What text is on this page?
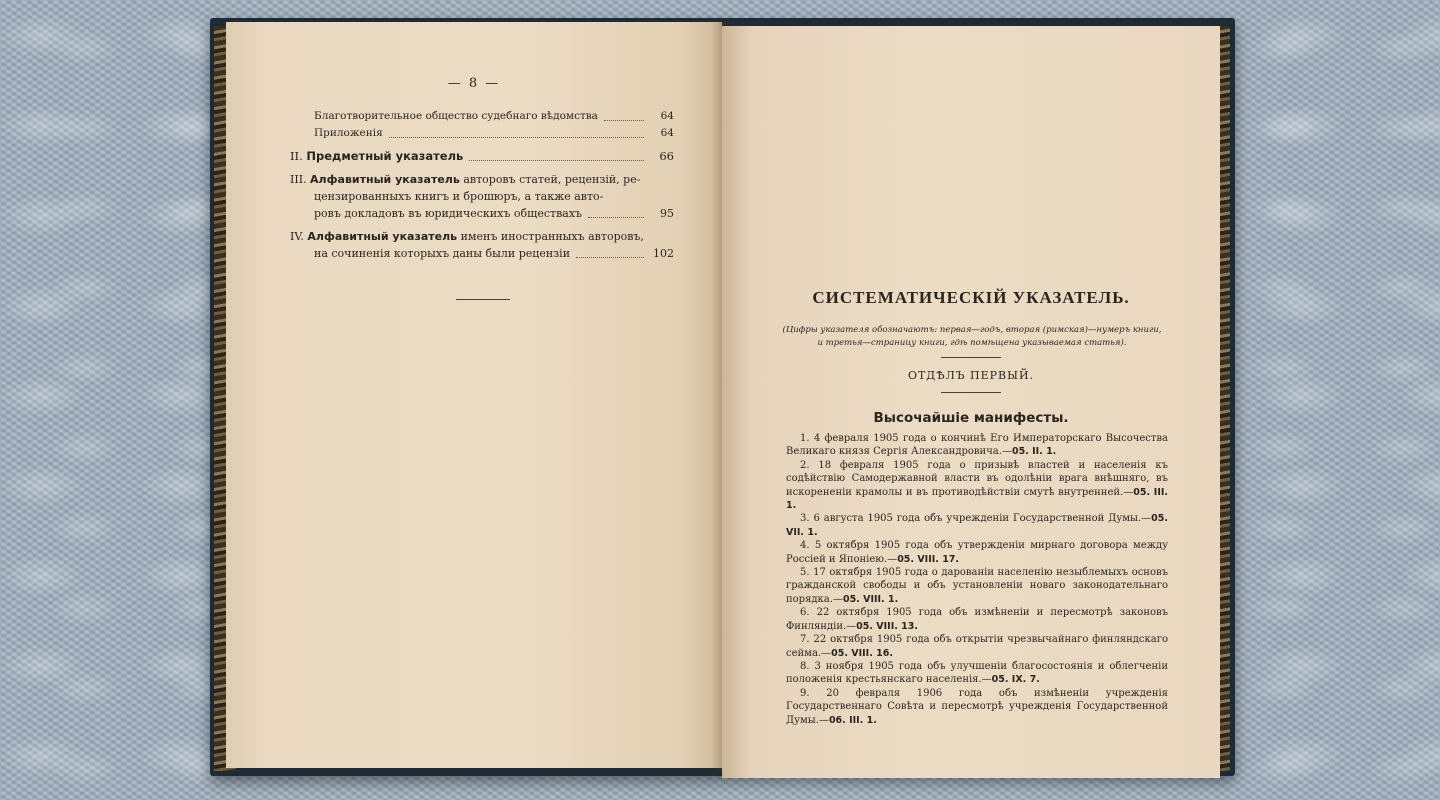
— 8 —
Благотворительное общество судебнаго вѣдомства	64
Приложенія	64
II. Предметный указатель	66
III. Алфавитный указатель авторовъ статей, рецензій, ре-
цензированныхъ книгъ и брошюръ, а также авто-
ровъ докладовъ въ юридическихъ обществахъ	95
IV. Алфавитный указатель именъ иностранныхъ авторовъ,
на сочиненія которыхъ даны были рецензіи	102
СИСТЕМАТИЧЕСКІЙ УКАЗАТЕЛЬ.
(Цифры указателя обозначаютъ: первая—годъ, вторая (римская)—нумеръ книги, и третья—страницу книги, гдѣ помѣщена указываемая статья).
ОТДѢЛЪ ПЕРВЫЙ.
Высочайшіе манифесты.
1. 4 февраля 1905 года о кончинѣ Его Императорскаго Высочества Великаго князя Сергія Александровича.—05. II. 1.
2. 18 февраля 1905 года о призывѣ властей и населенія къ содѣйствію Самодержавной власти въ одолѣніи врага внѣшняго, въ искорененіи крамолы и въ противодѣйствіи смутѣ внутренней.—05. III. 1.
3. 6 августа 1905 года объ учрежденіи Государственной Думы.—05. VII. 1.
4. 5 октября 1905 года объ утвержденіи мирнаго договора между Россіей и Японіею.—05. VIII. 17.
5. 17 октября 1905 года о дарованіи населенію незыблемыхъ основъ гражданской свободы и объ установленіи новаго законодательнаго порядка.—05. VIII. 1.
6. 22 октября 1905 года объ измѣненіи и пересмотрѣ законовъ Финляндіи.—05. VIII. 13.
7. 22 октября 1905 года объ открытіи чрезвычайнаго финляндскаго сейма.—05. VIII. 16.
8. 3 ноября 1905 года объ улучшеніи благосостоянія и облегченіи положенія крестьянскаго населенія.—05. IX. 7.
9. 20 февраля 1906 года объ измѣненіи учрежденія Государственнаго Совѣта и пересмотрѣ учрежденія Государственной Думы.—06. III. 1.
